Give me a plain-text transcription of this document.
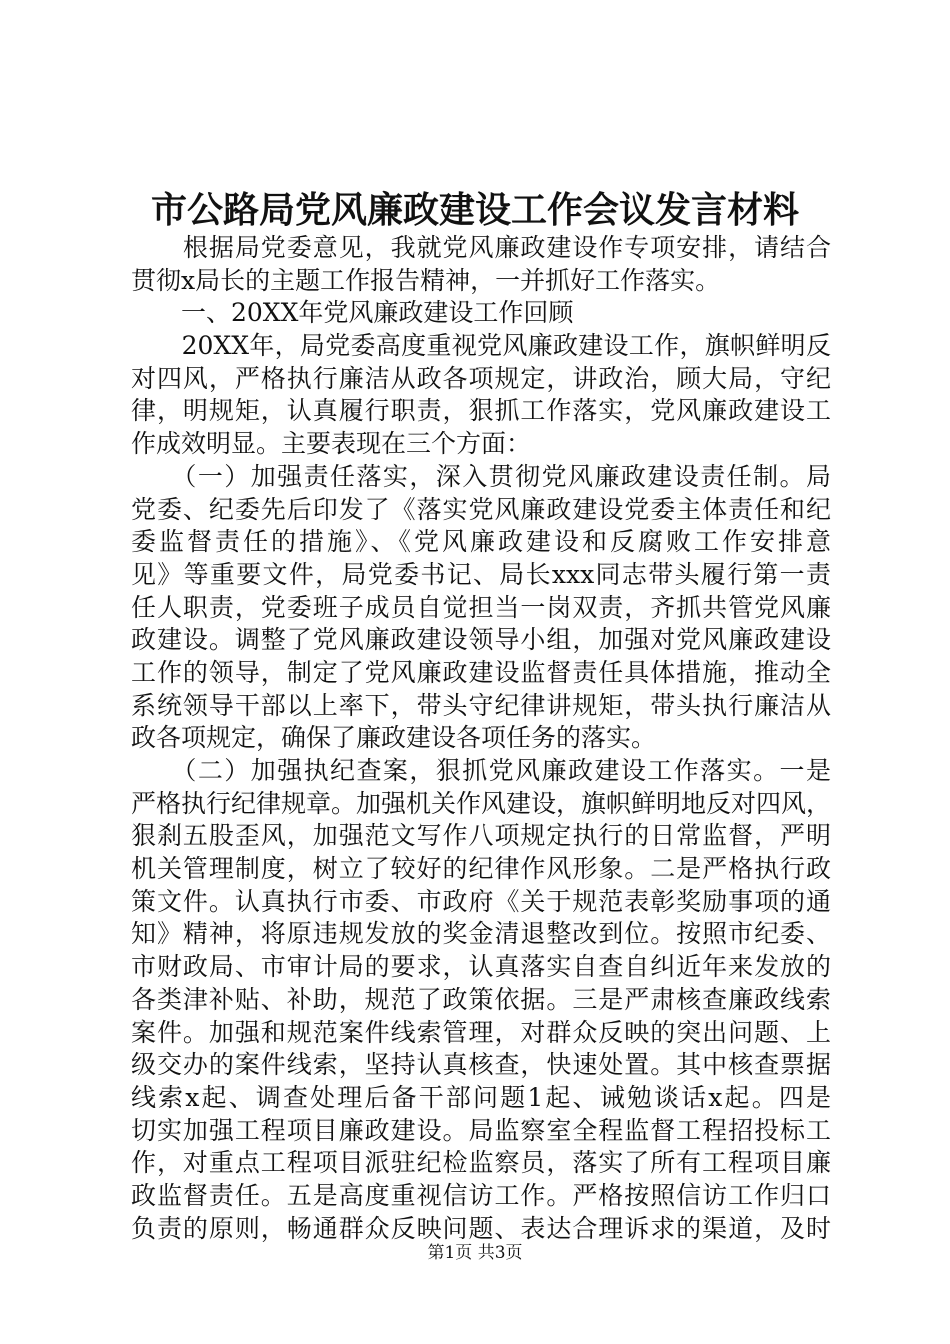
市公路局党风廉政建设工作会议发言材料
　　根据局党委意见，我就党风廉政建设作专项安排，请结合
贯彻x局长的主题工作报告精神，一并抓好工作落实。
　　一、20XX年党风廉政建设工作回顾
　　20XX年，局党委高度重视党风廉政建设工作，旗帜鲜明反
对四风，严格执行廉洁从政各项规定，讲政治，顾大局，守纪
律，明规矩，认真履行职责，狠抓工作落实，党风廉政建设工
作成效明显。主要表现在三个方面：
　　（一）加强责任落实，深入贯彻党风廉政建设责任制。局
党委、纪委先后印发了《落实党风廉政建设党委主体责任和纪
委监督责任的措施》、《党风廉政建设和反腐败工作安排意
见》等重要文件，局党委书记、局长xxx同志带头履行第一责
任人职责，党委班子成员自觉担当一岗双责，齐抓共管党风廉
政建设。调整了党风廉政建设领导小组，加强对党风廉政建设
工作的领导，制定了党风廉政建设监督责任具体措施，推动全
系统领导干部以上率下，带头守纪律讲规矩，带头执行廉洁从
政各项规定，确保了廉政建设各项任务的落实。
　　（二）加强执纪查案，狠抓党风廉政建设工作落实。一是
严格执行纪律规章。加强机关作风建设，旗帜鲜明地反对四风，
狠刹五股歪风，加强范文写作八项规定执行的日常监督，严明
机关管理制度，树立了较好的纪律作风形象。二是严格执行政
策文件。认真执行市委、市政府《关于规范表彰奖励事项的通
知》精神，将原违规发放的奖金清退整改到位。按照市纪委、
市财政局、市审计局的要求，认真落实自查自纠近年来发放的
各类津补贴、补助，规范了政策依据。三是严肃核查廉政线索
案件。加强和规范案件线索管理，对群众反映的突出问题、上
级交办的案件线索，坚持认真核查，快速处置。其中核查票据
线索x起、调查处理后备干部问题1起、诫勉谈话x起。四是
切实加强工程项目廉政建设。局监察室全程监督工程招投标工
作，对重点工程项目派驻纪检监察员，落实了所有工程项目廉
政监督责任。五是高度重视信访工作。严格按照信访工作归口
负责的原则，畅通群众反映问题、表达合理诉求的渠道，及时
第1页 共3页
